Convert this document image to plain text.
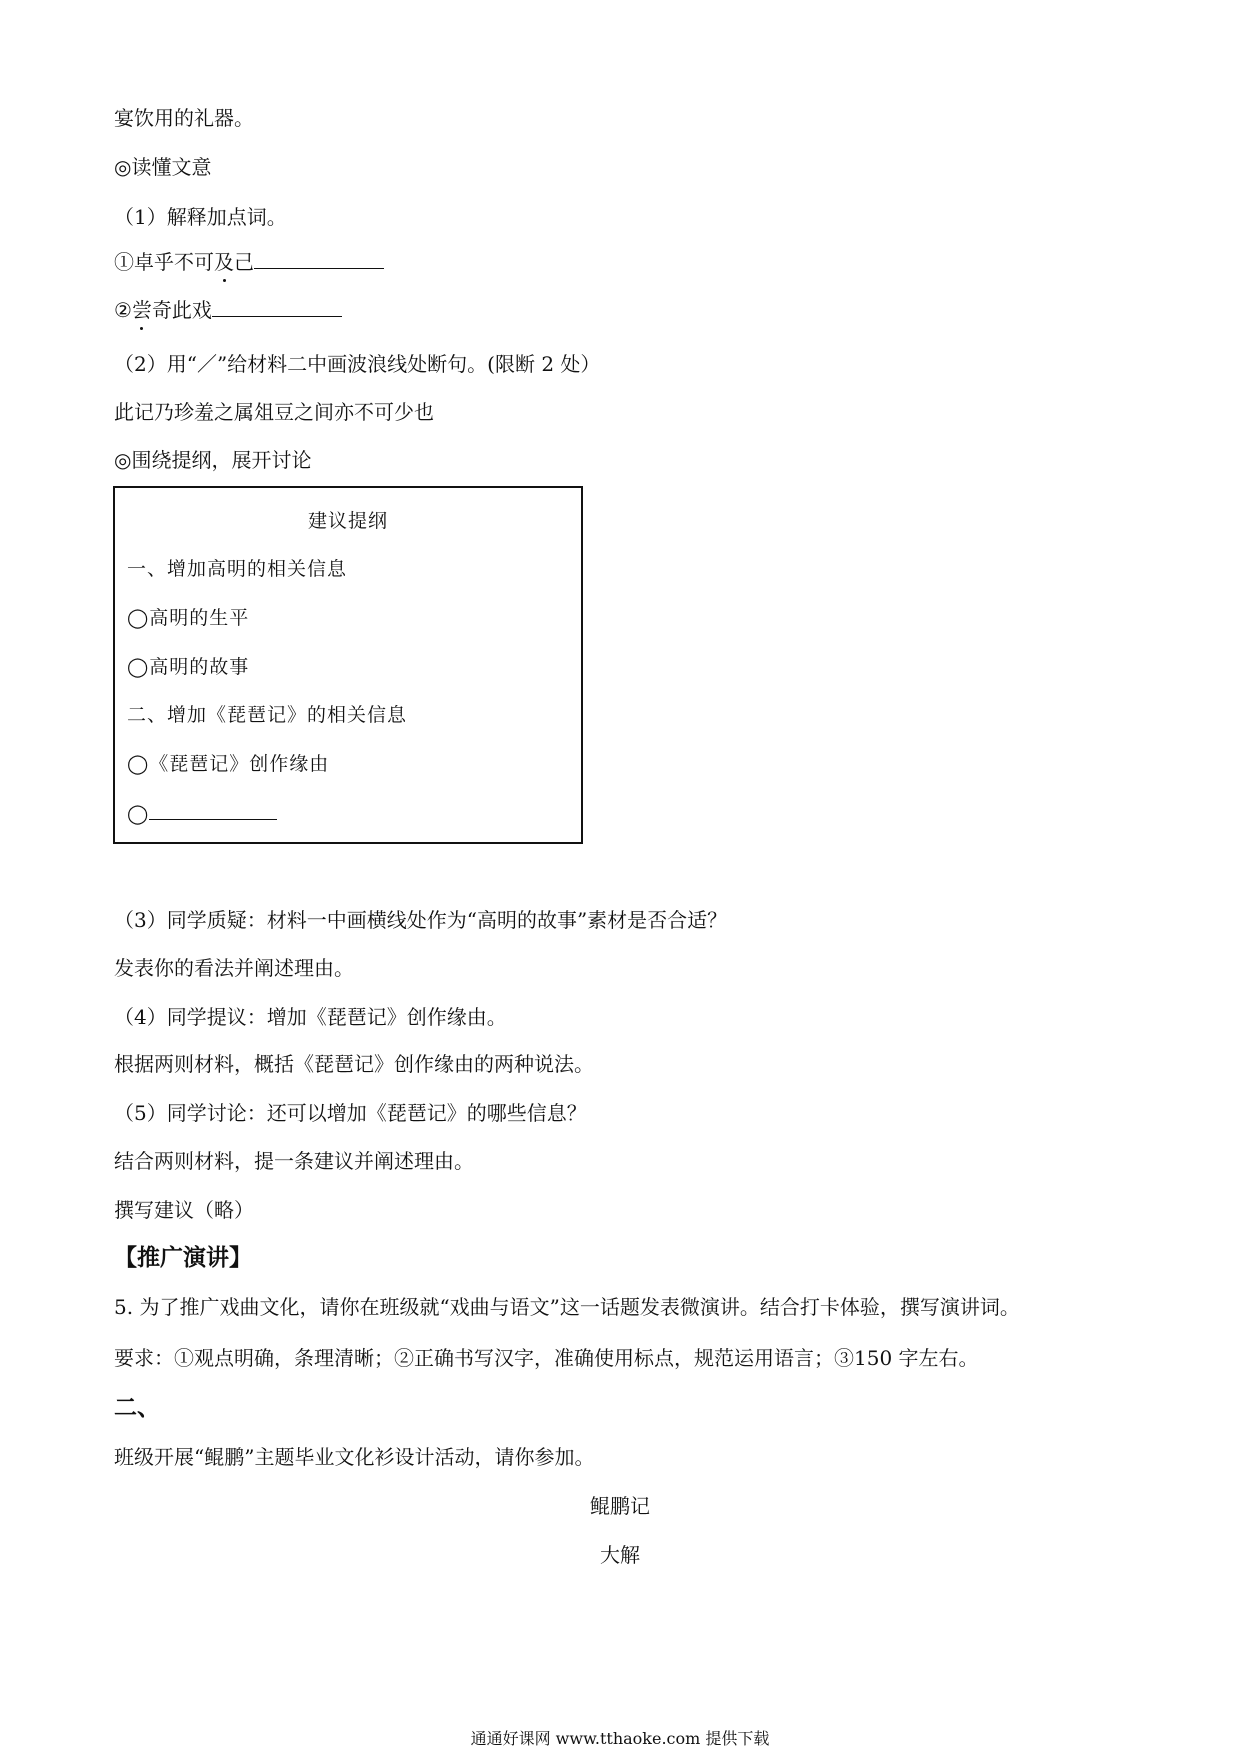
宴饮用的礼器。
◎读懂文意
（1）解释加点词。
①卓乎不可及己
②尝奇此戏
（2）用“／”给材料二中画波浪线处断句。(限断 2 处）
此记乃珍羞之属俎豆之间亦不可少也
◎围绕提纲，展开讨论
建议提纲
一、增加高明的相关信息
◯高明的生平
◯高明的故事
二、增加《琵琶记》的相关信息
◯《琵琶记》创作缘由
◯
（3）同学质疑：材料一中画横线处作为“高明的故事”素材是否合适？
发表你的看法并阐述理由。
（4）同学提议：增加《琵琶记》创作缘由。
根据两则材料，概括《琵琶记》创作缘由的两种说法。
（5）同学讨论：还可以增加《琵琶记》的哪些信息？
结合两则材料，提一条建议并阐述理由。
撰写建议（略）
【推广演讲】
5. 为了推广戏曲文化，请你在班级就“戏曲与语文”这一话题发表微演讲。结合打卡体验，撰写演讲词。
要求：①观点明确，条理清晰；②正确书写汉字，准确使用标点，规范运用语言；③150 字左右。
二、
班级开展“鲲鹏”主题毕业文化衫设计活动，请你参加。
鲲鹏记
大解
通通好课网 www.tthaoke.com 提供下载
